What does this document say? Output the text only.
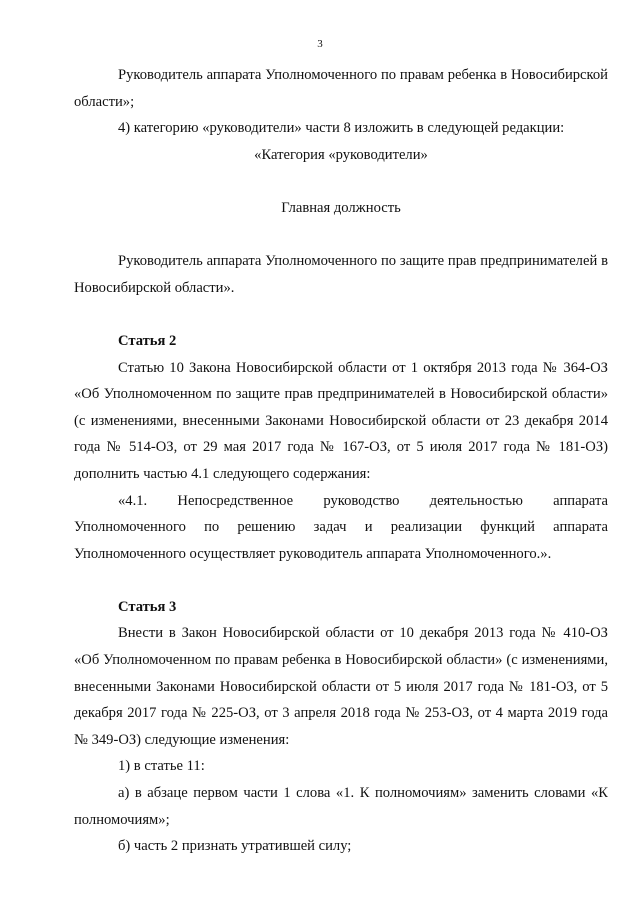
3

Руководитель аппарата Уполномоченного по правам ребенка в Новосибирской области»;

4) категорию «руководители» части 8 изложить в следующей редакции:

«Категория «руководители»

Главная должность

Руководитель аппарата Уполномоченного по защите прав предпринимателей в Новосибирской области».

Статья 2

Статью 10 Закона Новосибирской области от 1 октября 2013 года № 364-ОЗ «Об Уполномоченном по защите прав предпринимателей в Новосибирской области» (с изменениями, внесенными Законами Новосибирской области от 23 декабря 2014 года № 514-ОЗ, от 29 мая 2017 года № 167-ОЗ, от 5 июля 2017 года № 181-ОЗ) дополнить частью 4.1 следующего содержания:

«4.1. Непосредственное руководство деятельностью аппарата Уполномоченного по решению задач и реализации функций аппарата Уполномоченного осуществляет руководитель аппарата Уполномоченного.».

Статья 3

Внести в Закон Новосибирской области от 10 декабря 2013 года № 410-ОЗ «Об Уполномоченном по правам ребенка в Новосибирской области» (с изменениями, внесенными Законами Новосибирской области от 5 июля 2017 года № 181-ОЗ, от 5 декабря 2017 года № 225-ОЗ, от 3 апреля 2018 года № 253-ОЗ, от 4 марта 2019 года № 349-ОЗ) следующие изменения:

1) в статье 11:

а) в абзаце первом части 1 слова «1. К полномочиям» заменить словами «К полномочиям»;

б) часть 2 признать утратившей силу;
